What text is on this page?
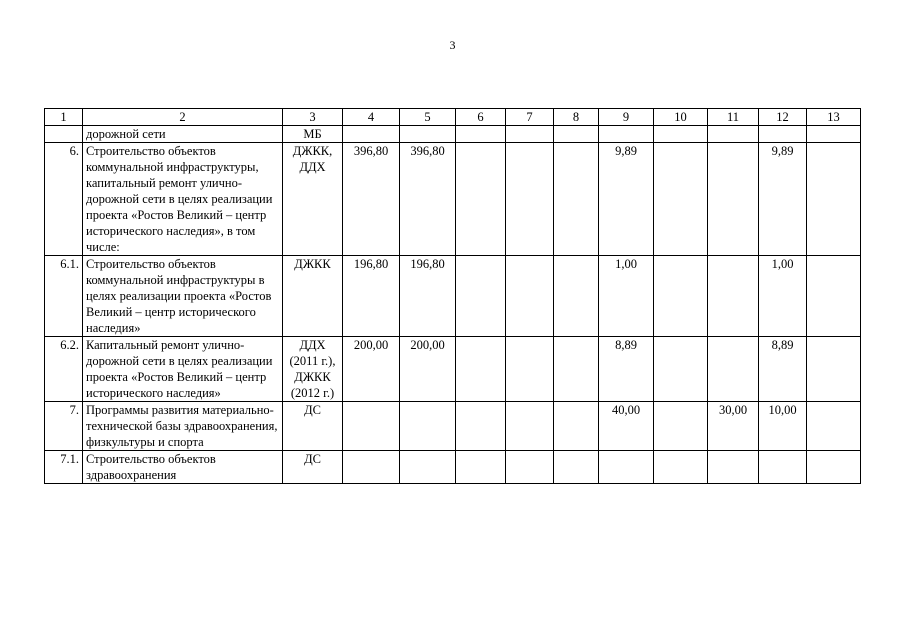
3
1	2	3	4	5	6	7	8	9	10	11	12	13
	дорожной сети	МБ										
6.	Строительство объектов коммунальной инфраструктуры, капитальный ремонт улично-дорожной сети в целях реализации проекта «Ростов Великий – центр исторического наследия», в том числе:	ДЖКК, ДДХ	396,80	396,80				9,89			9,89	
6.1.	Строительство объектов коммунальной инфраструктуры в целях реализации проекта «Ростов Великий – центр исторического наследия»	ДЖКК	196,80	196,80				1,00			1,00	
6.2.	Капитальный ремонт улично-дорожной сети в целях реализации проекта «Ростов Великий – центр исторического наследия»	ДДХ (2011 г.), ДЖКК (2012 г.)	200,00	200,00				8,89			8,89	
7.	Программы развития материально-технической базы здравоохранения, физкультуры и спорта	ДС						40,00		30,00	10,00	
7.1.	Строительство объектов здравоохранения	ДС										
